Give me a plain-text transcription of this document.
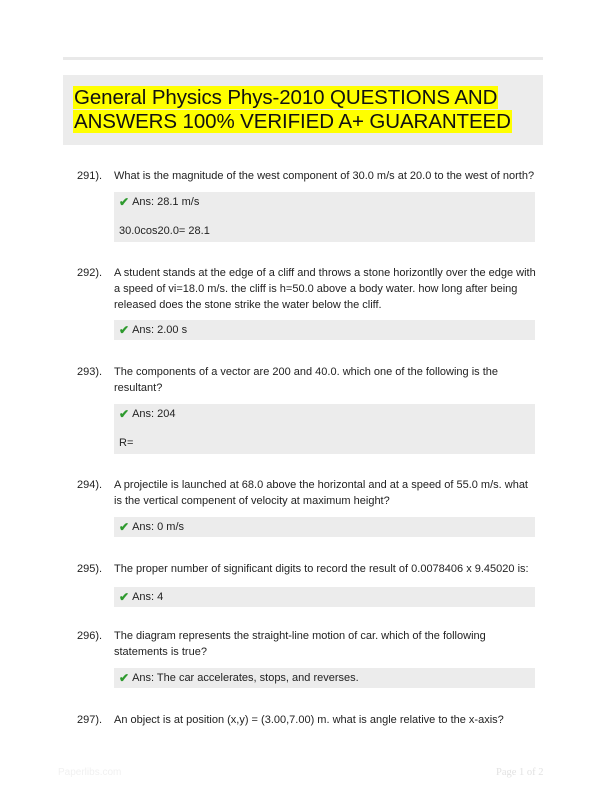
General Physics Phys-2010 QUESTIONS AND ANSWERS 100% VERIFIED A+ GUARANTEED
291). What is the magnitude of the west component of 30.0 m/s at 20.0 to the west of north?
✔ Ans: 28.1 m/s
30.0cos20.0= 28.1
292). A student stands at the edge of a cliff and throws a stone horizontlly over the edge with a speed of vi=18.0 m/s. the cliff is h=50.0 above a body water. how long after being released does the stone strike the water below the cliff.
✔ Ans: 2.00 s
293). The components of a vector are 200 and 40.0. which one of the following is the resultant?
✔ Ans: 204
R=
294). A projectile is launched at 68.0 above the horizontal and at a speed of 55.0 m/s. what is the vertical compenent of velocity at maximum height?
✔ Ans: 0 m/s
295). The proper number of significant digits to record the result of 0.0078406 x 9.45020 is:
✔ Ans: 4
296). The diagram represents the straight-line motion of car. which of the following statements is true?
✔ Ans: The car accelerates, stops, and reverses.
297). An object is at position (x,y) = (3.00,7.00) m. what is angle relative to the x-axis?
Paperlibs.com	Page 1 of 2
